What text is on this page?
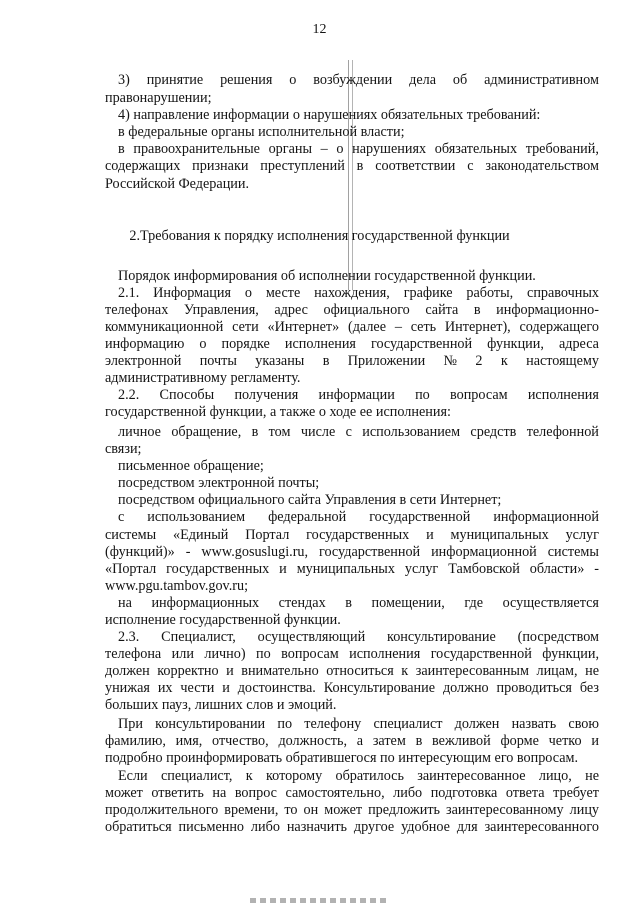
12
2.Требования к порядку исполнения государственной функции
3) принятие решения о возбуждении дела об административном
правонарушении;
4) направление информации о нарушениях обязательных требований:
в федеральные органы исполнительной власти;
в правоохранительные органы – о нарушениях обязательных требований,
содержащих признаки преступлений в соответствии с законодательством
Российской Федерации.
Порядок информирования об исполнении государственной функции.
2.1. Информация о месте нахождения, графике работы, справочных
телефонах Управления, адрес официального сайта в информационно-
коммуникационной сети «Интернет» (далее – сеть Интернет), содержащего
информацию о порядке исполнения государственной функции, адреса
электронной почты указаны в Приложении № 2 к настоящему
административному регламенту.
2.2. Способы получения информации по вопросам исполнения
государственной функции, а также о ходе ее исполнения:
личное обращение, в том числе с использованием средств телефонной
связи;
письменное обращение;
посредством электронной почты;
посредством официального сайта Управления в сети Интернет;
с использованием федеральной государственной информационной
системы «Единый Портал государственных и муниципальных услуг
(функций)» - www.gosuslugi.ru, государственной информационной системы
«Портал государственных и муниципальных услуг Тамбовской области» -
www.pgu.tambov.gov.ru;
на информационных стендах в помещении, где осуществляется
исполнение государственной функции.
2.3. Специалист, осуществляющий консультирование (посредством
телефона или лично) по вопросам исполнения государственной функции,
должен корректно и внимательно относиться к заинтересованным лицам, не
унижая их чести и достоинства. Консультирование должно проводиться без
больших пауз, лишних слов и эмоций.
При консультировании по телефону специалист должен назвать свою
фамилию, имя, отчество, должность, а затем в вежливой форме четко и
подробно проинформировать обратившегося по интересующим его вопросам.
Если специалист, к которому обратилось заинтересованное лицо, не
может ответить на вопрос самостоятельно, либо подготовка ответа требует
продолжительного времени, то он может предложить заинтересованному лицу
обратиться письменно либо назначить другое удобное для заинтересованного
